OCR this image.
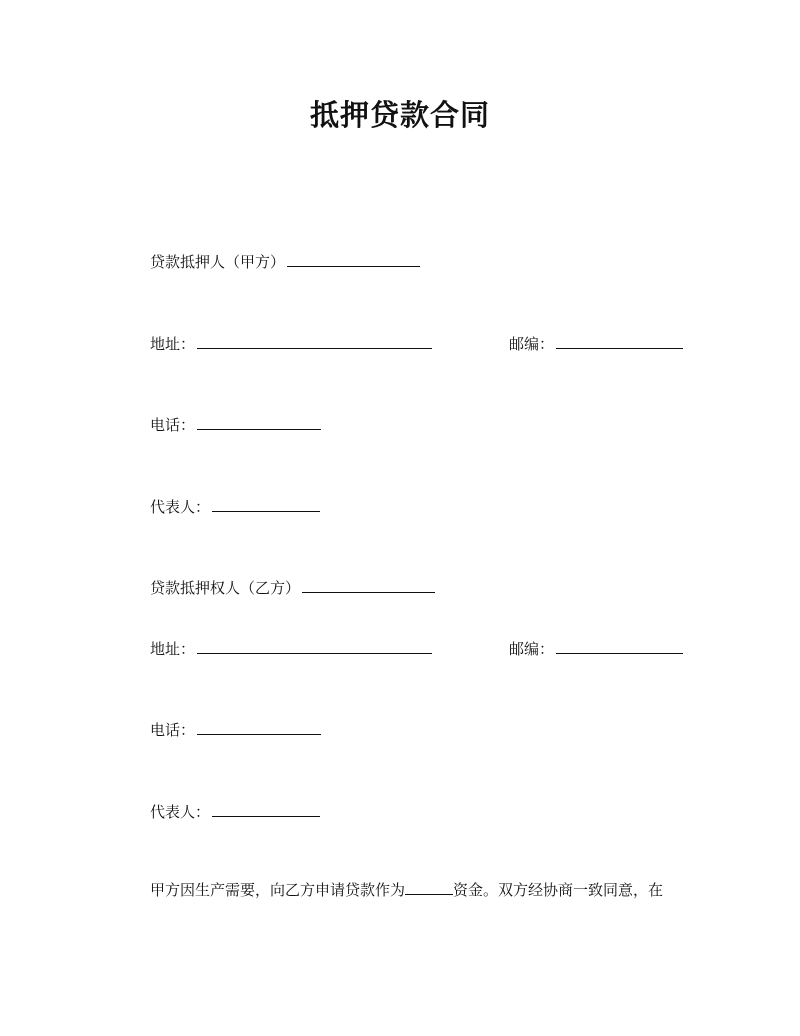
抵押贷款合同
贷款抵押人（甲方）
地址：	邮编：
电话：
代表人：
贷款抵押权人（乙方）
地址：	邮编：
电话：
代表人：
甲方因生产需要，向乙方申请贷款作为	资金。双方经协商一致同意，在
